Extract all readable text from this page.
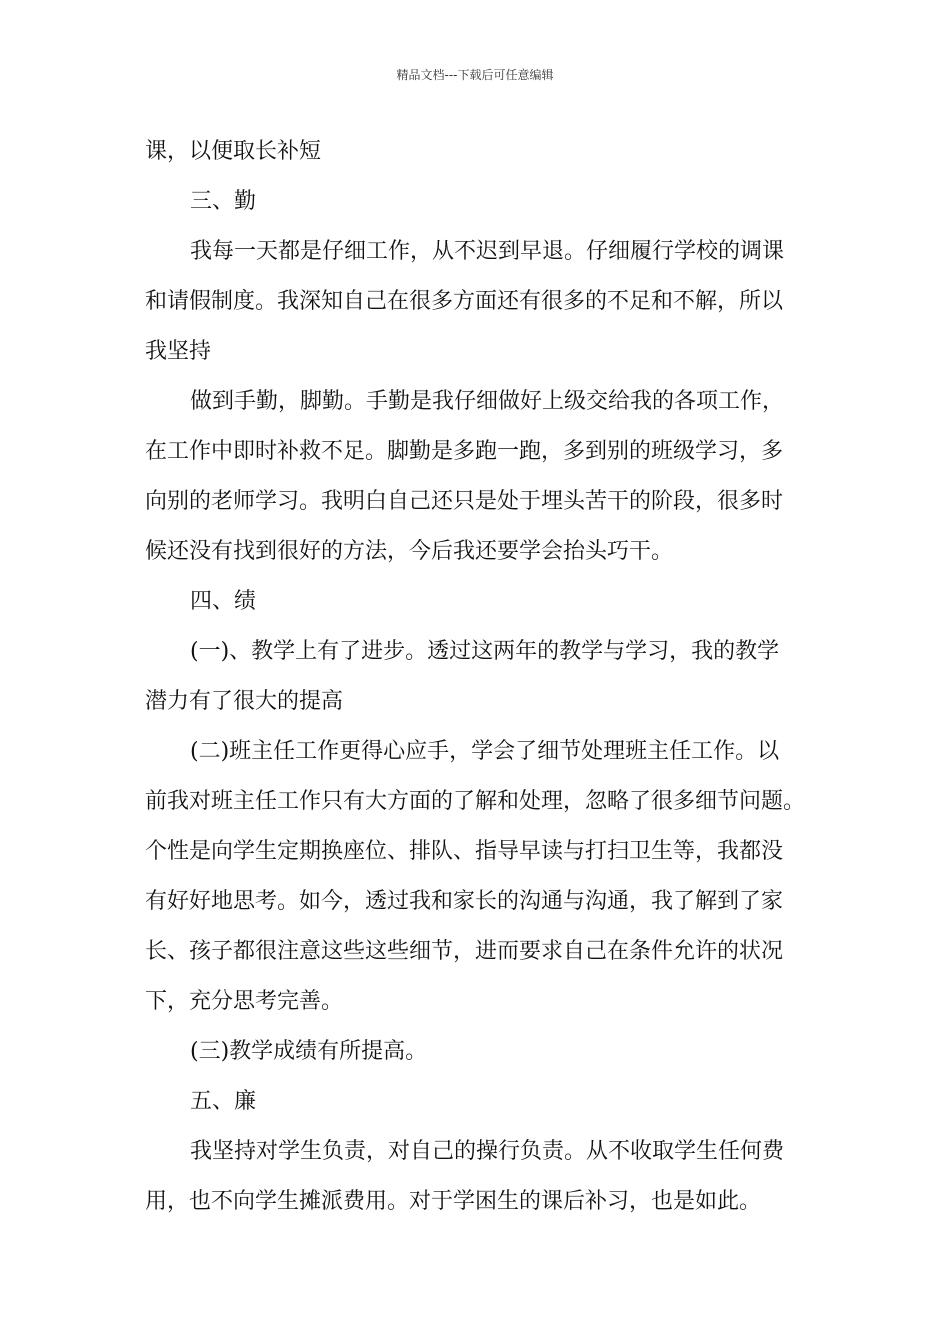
精品文档---下载后可任意编辑
课，以便取长补短
三、勤
我每一天都是仔细工作，从不迟到早退。仔细履行学校的调课
和请假制度。我深知自己在很多方面还有很多的不足和不解，所以
我坚持
做到手勤，脚勤。手勤是我仔细做好上级交给我的各项工作，
在工作中即时补救不足。脚勤是多跑一跑，多到别的班级学习，多
向别的老师学习。我明白自己还只是处于埋头苦干的阶段，很多时
候还没有找到很好的方法，今后我还要学会抬头巧干。
四、绩
(一)、教学上有了进步。透过这两年的教学与学习，我的教学
潜力有了很大的提高
(二)班主任工作更得心应手，学会了细节处理班主任工作。以
前我对班主任工作只有大方面的了解和处理，忽略了很多细节问题。
个性是向学生定期换座位、排队、指导早读与打扫卫生等，我都没
有好好地思考。如今，透过我和家长的沟通与沟通，我了解到了家
长、孩子都很注意这些这些细节，进而要求自己在条件允许的状况
下，充分思考完善。
(三)教学成绩有所提高。
五、廉
我坚持对学生负责，对自己的操行负责。从不收取学生任何费
用，也不向学生摊派费用。对于学困生的课后补习，也是如此。
